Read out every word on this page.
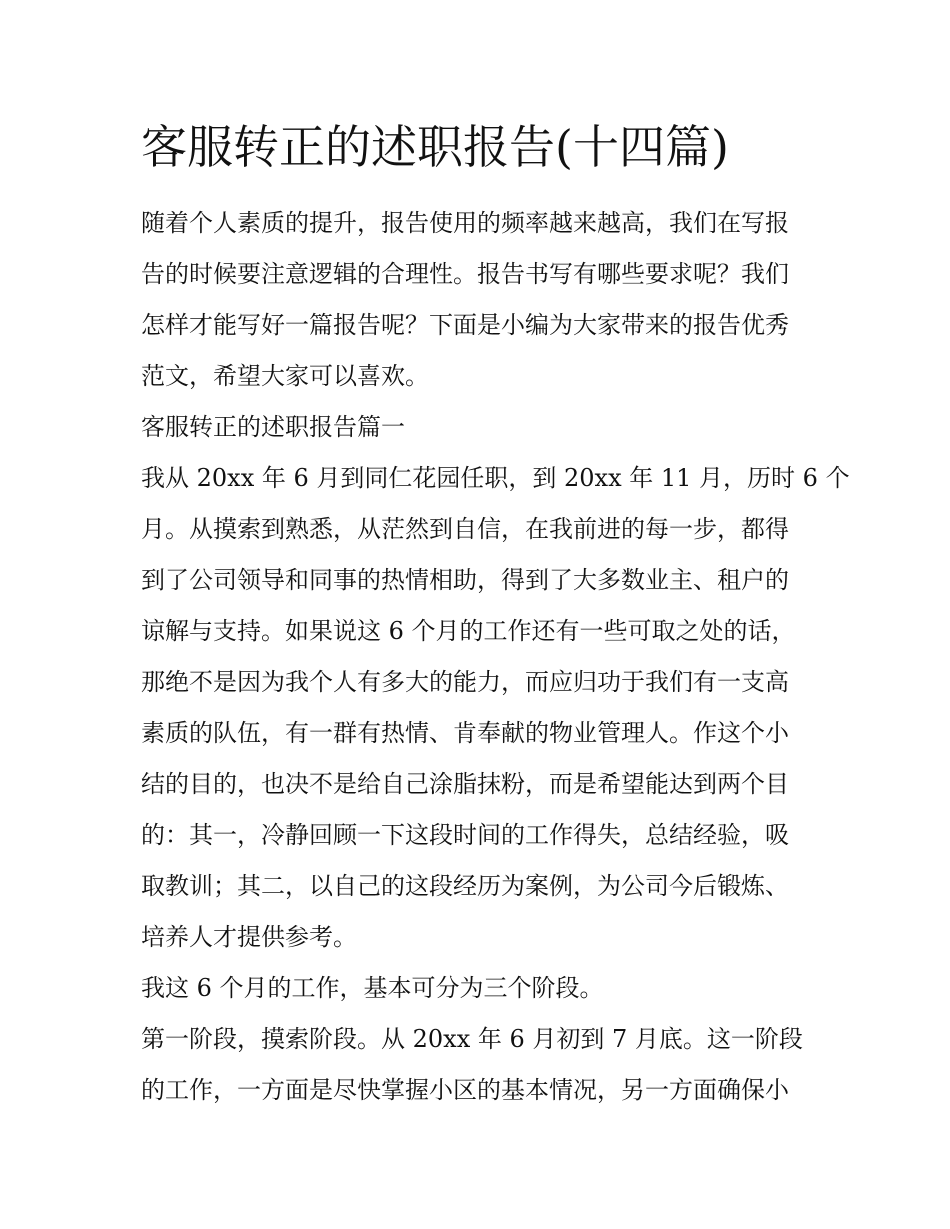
客服转正的述职报告(十四篇)
随着个人素质的提升，报告使用的频率越来越高，我们在写报
告的时候要注意逻辑的合理性。报告书写有哪些要求呢？我们
怎样才能写好一篇报告呢？下面是小编为大家带来的报告优秀
范文，希望大家可以喜欢。
客服转正的述职报告篇一
我从 20xx 年 6 月到同仁花园任职，到 20xx 年 11 月，历时 6 个
月。从摸索到熟悉，从茫然到自信，在我前进的每一步，都得
到了公司领导和同事的热情相助，得到了大多数业主、租户的
谅解与支持。如果说这 6 个月的工作还有一些可取之处的话，
那绝不是因为我个人有多大的能力，而应归功于我们有一支高
素质的队伍，有一群有热情、肯奉献的物业管理人。作这个小
结的目的，也决不是给自己涂脂抹粉，而是希望能达到两个目
的：其一，冷静回顾一下这段时间的工作得失，总结经验，吸
取教训；其二，以自己的这段经历为案例，为公司今后锻炼、
培养人才提供参考。
我这 6 个月的工作，基本可分为三个阶段。
第一阶段，摸索阶段。从 20xx 年 6 月初到 7 月底。这一阶段
的工作，一方面是尽快掌握小区的基本情况，另一方面确保小
